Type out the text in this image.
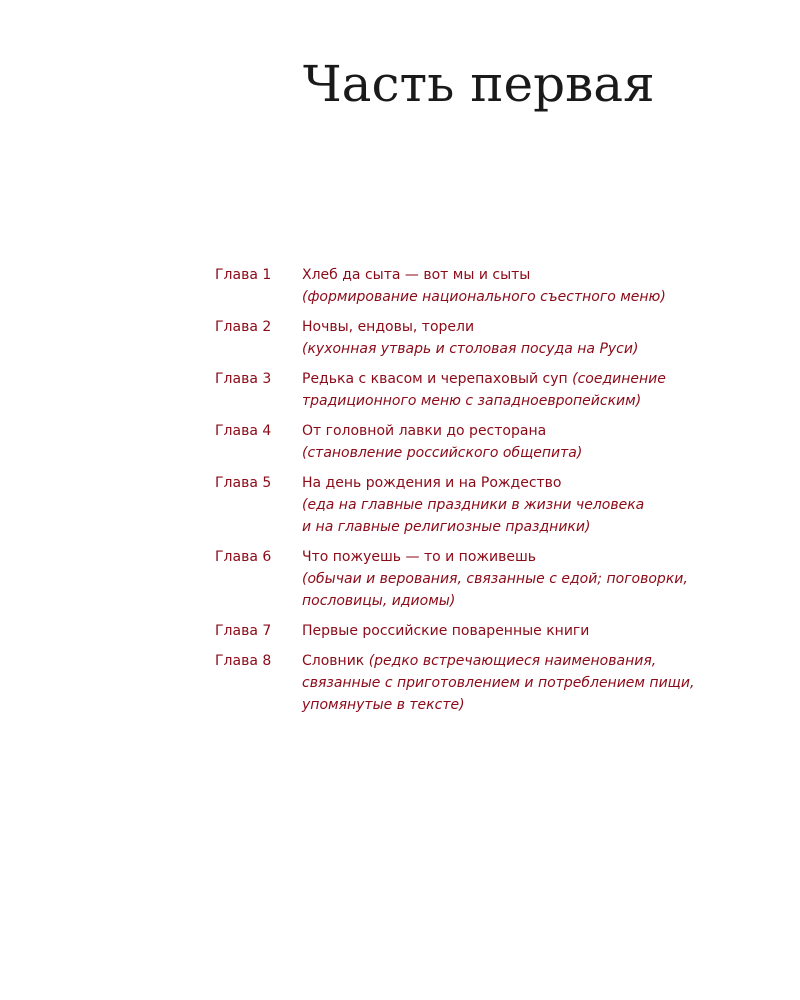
Часть первая
Глава 1	Хлеб да сыта — вот мы и сыты
(формирование национального съестного меню)
Глава 2	Ночвы, ендовы, торели
(кухонная утварь и столовая посуда на Руси)
Глава 3	Редька с квасом и черепаховый суп (соединение
традиционного меню с западноевропейским)
Глава 4	От головной лавки до ресторана
(становление российского общепита)
Глава 5	На день рождения и на Рождество
(еда на главные праздники в жизни человека
и на главные религиозные праздники)
Глава 6	Что пожуешь — то и поживешь
(обычаи и верования, связанные с едой; поговорки,
пословицы, идиомы)
Глава 7	Первые российские поваренные книги
Глава 8	Словник (редко встречающиеся наименования,
связанные с приготовлением и потреблением пищи,
упомянутые в тексте)
